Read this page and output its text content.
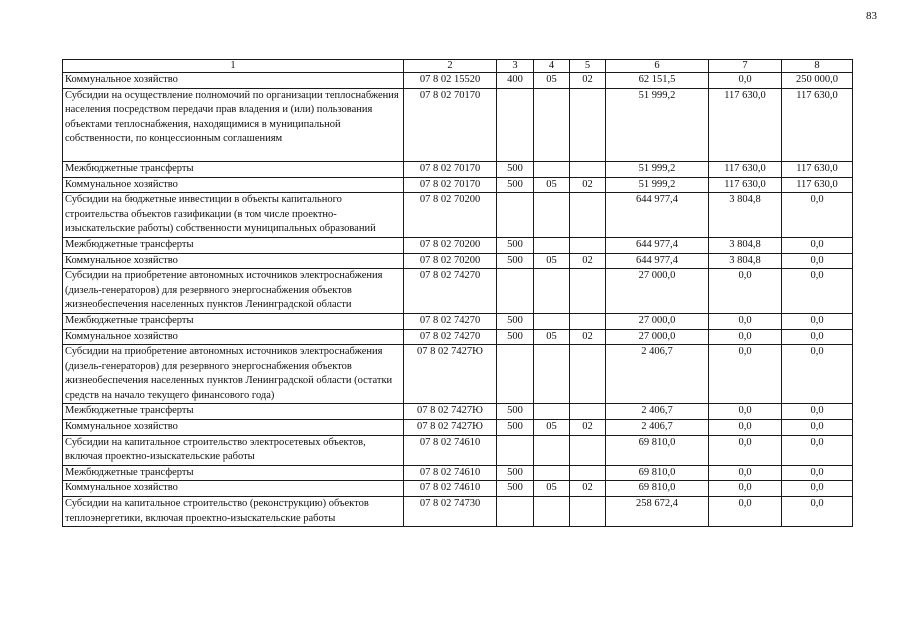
83
1	2	3	4	5	6	7	8
Коммунальное хозяйство	07 8 02 15520	400	05	02	62 151,5	0,0	250 000,0
Субсидии на осуществление полномочий по организации теплоснабжения населения посредством передачи прав владения и (или) пользования объектами теплоснабжения, находящимися в муниципальной собственности, по концессионным соглашениям	07 8 02 70170				51 999,2	117 630,0	117 630,0
Межбюджетные трансферты	07 8 02 70170	500			51 999,2	117 630,0	117 630,0
Коммунальное хозяйство	07 8 02 70170	500	05	02	51 999,2	117 630,0	117 630,0
Субсидии на бюджетные инвестиции в объекты капитального строительства объектов газификации (в том числе проектно-изыскательские работы) собственности муниципальных образований	07 8 02 70200				644 977,4	3 804,8	0,0
Межбюджетные трансферты	07 8 02 70200	500			644 977,4	3 804,8	0,0
Коммунальное хозяйство	07 8 02 70200	500	05	02	644 977,4	3 804,8	0,0
Субсидии на приобретение автономных источников электроснабжения (дизель-генераторов) для резервного энергоснабжения объектов жизнеобеспечения населенных пунктов Ленинградской области	07 8 02 74270				27 000,0	0,0	0,0
Межбюджетные трансферты	07 8 02 74270	500			27 000,0	0,0	0,0
Коммунальное хозяйство	07 8 02 74270	500	05	02	27 000,0	0,0	0,0
Субсидии на приобретение автономных источников электроснабжения (дизель-генераторов) для резервного энергоснабжения объектов жизнеобеспечения населенных пунктов Ленинградской области (остатки средств на начало текущего финансового года)	07 8 02 7427Ю				2 406,7	0,0	0,0
Межбюджетные трансферты	07 8 02 7427Ю	500			2 406,7	0,0	0,0
Коммунальное хозяйство	07 8 02 7427Ю	500	05	02	2 406,7	0,0	0,0
Субсидии на капитальное строительство электросетевых объектов, включая проектно-изыскательские работы	07 8 02 74610				69 810,0	0,0	0,0
Межбюджетные трансферты	07 8 02 74610	500			69 810,0	0,0	0,0
Коммунальное хозяйство	07 8 02 74610	500	05	02	69 810,0	0,0	0,0
Субсидии на капитальное строительство (реконструкцию) объектов теплоэнергетики, включая проектно-изыскательские работы	07 8 02 74730				258 672,4	0,0	0,0
